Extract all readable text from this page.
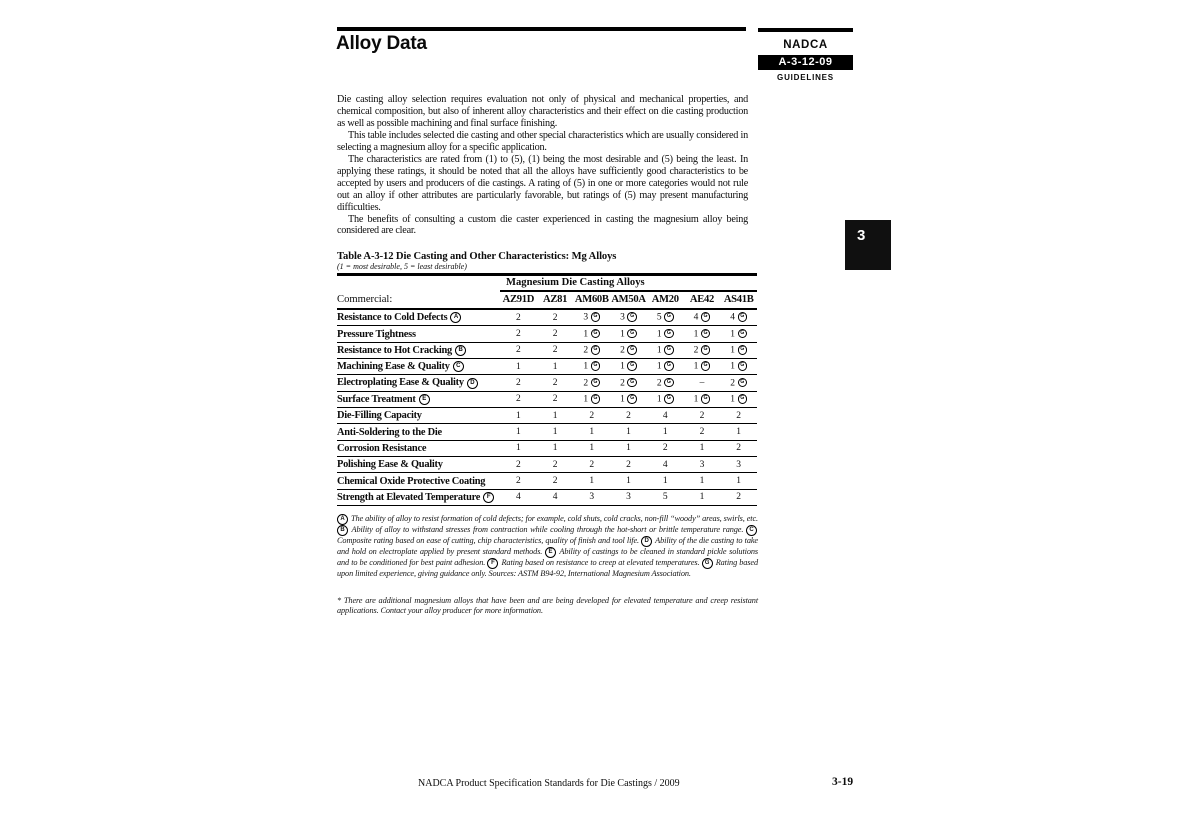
Alloy Data	NADCA
A-3-12-09
GUIDELINES
3

Die casting alloy selection requires evaluation not only of physical and mechanical properties, and chemical composition, but also of inherent alloy characteristics and their effect on die casting production as well as possible machining and final surface finishing.

This table includes selected die casting and other special characteristics which are usually considered in selecting a magnesium alloy for a specific application.

The characteristics are rated from (1) to (5), (1) being the most desirable and (5) being the least. In applying these ratings, it should be noted that all the alloys have sufficiently good characteristics to be accepted by users and producers of die castings. A rating of (5) in one or more categories would not rule out an alloy if other attributes are particularly favorable, but ratings of (5) may present manufacturing difficulties.

The benefits of consulting a custom die caster experienced in casting the magnesium alloy being considered are clear.

Table A-3-12 Die Casting and Other Characteristics: Mg Alloys
(1 = most desirable, 5 = least desirable)
Magnesium Die Casting Alloys
Commercial:	AZ91D AZ81 AM60B AM50A AM20	AE42 AS41B
Resistance to Cold Defects A	2	2	3 G	3 G	5 G	4 G	4 G
Pressure Tightness	2	2	1 G	1 G	1 G	1 G	1 G
Resistance to Hot Cracking B	2	2	2 G	2 G	1 G	2 G	1 G
Machining Ease & Quality C	1	1	1 G	1 G	1 G	1 G	1 G
Electroplating Ease & Quality D	2	2	2 G	2 G	2 G	–	2 G
Surface Treatment E	2	2	1 G	1 G	1 G	1 G	1 G
Die-Filling Capacity	1	1	2	2	4	2	2
Anti-Soldering to the Die	1	1	1	1	1	2	1
Corrosion Resistance	1	1	1	1	2	1	2
Polishing Ease & Quality	2	2	2	2	4	3	3
Chemical Oxide Protective Coating	2	2	1	1	1	1	1
Strength at Elevated Temperature F	4	4	3	3	5	1	2

A The ability of alloy to resist formation of cold defects; for example, cold shuts, cold cracks, non-fill “woody” areas, swirls, etc. B Ability of alloy to withstand stresses from contraction while cooling through the hot-short or brittle temperature range. C Composite rating based on ease of cutting, chip characteristics, quality of finish and tool life. D Ability of the die casting to take and hold on electroplate applied by present standard methods. E Ability of castings to be cleaned in standard pickle solutions and to be conditioned for best paint adhesion. F Rating based on resistance to creep at elevated temperatures. G Rating based upon limited experience, giving guidance only. Sources: ASTM B94-92, International Magnesium Association.

* There are additional magnesium alloys that have been and are being developed for elevated temperature and creep resistant applications. Contact your alloy producer for more information.
NADCA Product Specification Standards for Die Castings / 2009	3-19
